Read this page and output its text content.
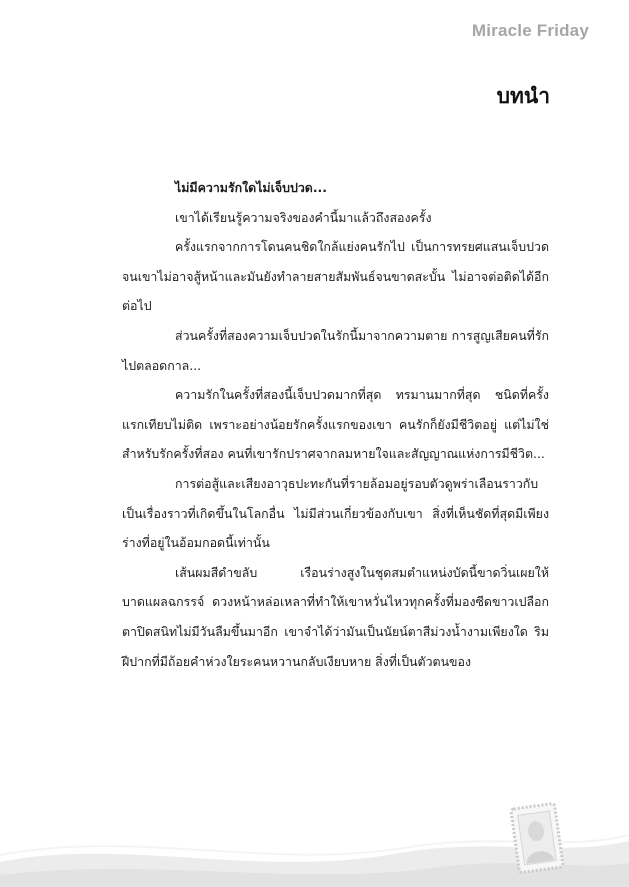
Miracle Friday
บทนำ

ไม่มีความรักใดไม่เจ็บปวด...

เขาได้เรียนรู้ความจริงของคำนี้มาแล้วถึงสองครั้ง

ครั้งแรกจากการโดนคนชิดใกล้แย่งคนรักไป เป็นการทรยศแสนเจ็บปวดจนเขาไม่อาจสู้หน้าและมันยังทำลายสายสัมพันธ์จนขาดสะบั้น ไม่อาจต่อติดได้อีกต่อไป

ส่วนครั้งที่สองความเจ็บปวดในรักนี้มาจากความตาย การสูญเสียคนที่รักไปตลอดกาล...

ความรักในครั้งที่สองนี้เจ็บปวดมากที่สุด ทรมานมากที่สุด ชนิดที่ครั้งแรกเทียบไม่ติด เพราะอย่างน้อยรักครั้งแรกของเขา คนรักก็ยังมีชีวิตอยู่ แต่ไม่ใช่สำหรับรักครั้งที่สอง คนที่เขารักปราศจากลมหายใจและสัญญาณแห่งการมีชีวิต...

การต่อสู้และเสียงอาวุธปะทะกันที่รายล้อมอยู่รอบตัวดูพร่าเลือนราวกับเป็นเรื่องราวที่เกิดขึ้นในโลกอื่น ไม่มีส่วนเกี่ยวข้องกับเขา สิ่งที่เห็นชัดที่สุดมีเพียงร่างที่อยู่ในอ้อมกอดนี้เท่านั้น

เส้นผมสีดำขลับ เรือนร่างสูงในชุดสมตำแหน่งบัดนี้ขาดวิ่นเผยให้บาดแผลฉกรรจ์ ดวงหน้าหล่อเหลาที่ทำให้เขาหวั่นไหวทุกครั้งที่มองซีดขาวเปลือกตาปิดสนิทไม่มีวันลืมขึ้นมาอีก เขาจำได้ว่ามันเป็นนัยน์ตาสีม่วงน้ำงามเพียงใด ริมฝีปากที่มีถ้อยคำห่วงใยระคนหวานกลับเงียบหาย สิ่งที่เป็นตัวตนของ
